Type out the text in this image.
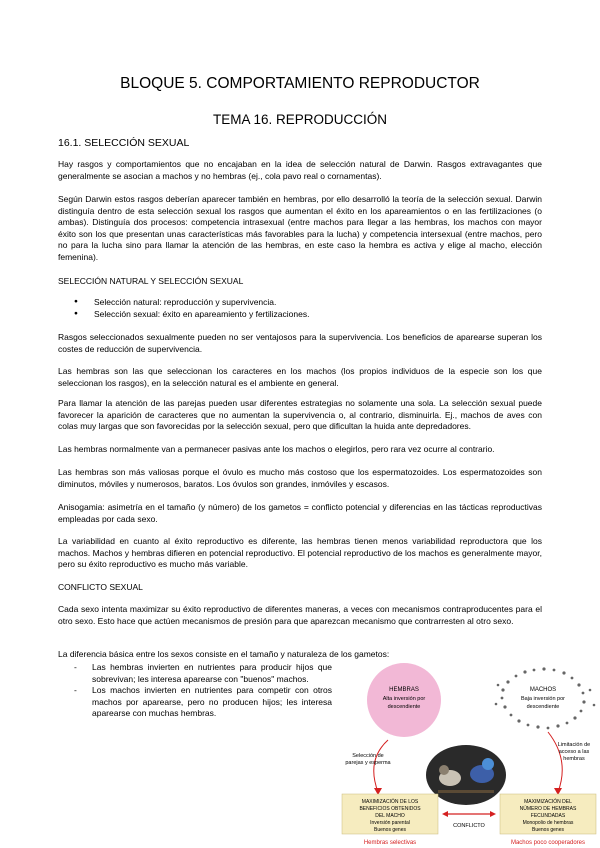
BLOQUE 5. COMPORTAMIENTO REPRODUCTOR
TEMA 16. REPRODUCCIÓN
16.1. SELECCIÓN SEXUAL
Hay rasgos y comportamientos que no encajaban en la idea de selección natural de Darwin. Rasgos extravagantes que generalmente se asocian a machos y no hembras (ej., cola pavo real o cornamentas).
Según Darwin estos rasgos deberían aparecer también en hembras, por ello desarrolló la teoría de la selección sexual. Darwin distinguía dentro de esta selección sexual los rasgos que aumentan el éxito en los apareamientos o en las fertilizaciones (o ambas). Distinguía dos procesos: competencia intrasexual (entre machos para llegar a las hembras, los machos con mayor éxito son los que presentan unas características más favorables para la lucha) y competencia intersexual (entre machos, pero no para la lucha sino para llamar la atención de las hembras, en este caso la hembra es activa y elige al macho, elección femenina).
SELECCIÓN NATURAL Y SELECCIÓN SEXUAL
● Selección natural: reproducción y supervivencia.
● Selección sexual: éxito en apareamiento y fertilizaciones.
Rasgos seleccionados sexualmente pueden no ser ventajosos para la supervivencia. Los beneficios de aparearse superan los costes de reducción de supervivencia.
Las hembras son las que seleccionan los caracteres en los machos (los propios individuos de la especie son los que seleccionan los rasgos), en la selección natural es el ambiente en general.
Para llamar la atención de las parejas pueden usar diferentes estrategias no solamente una sola. La selección sexual puede favorecer la aparición de caracteres que no aumentan la supervivencia o, al contrario, disminuirla. Ej., machos de aves con colas muy largas que son favorecidas por la selección sexual, pero que dificultan la huida ante depredadores.
Las hembras normalmente van a permanecer pasivas ante los machos o elegirlos, pero rara vez ocurre al contrario.
Las hembras son más valiosas porque el óvulo es mucho más costoso que los espermatozoides. Los espermatozoides son diminutos, móviles y numerosos, baratos. Los óvulos son grandes, inmóviles y escasos.
Anisogamia: asimetría en el tamaño (y número) de los gametos = conflicto potencial y diferencias en las tácticas reproductivas empleadas por cada sexo.
La variabilidad en cuanto al éxito reproductivo es diferente, las hembras tienen menos variabilidad reproductora que los machos. Machos y hembras difieren en potencial reproductivo. El potencial reproductivo de los machos es generalmente mayor, pero su éxito reproductivo es mucho más variable.
CONFLICTO SEXUAL
Cada sexo intenta maximizar su éxito reproductivo de diferentes maneras, a veces con mecanismos contraproducentes para el otro sexo. Esto hace que actúen mecanismos de presión para que aparezcan mecanismo que contrarresten al otro sexo.
La diferencia básica entre los sexos consiste en el tamaño y naturaleza de los gametos:
- Las hembras invierten en nutrientes para producir hijos que sobrevivan; les interesa aparearse con "buenos" machos.
- Los machos invierten en nutrientes para competir con otros machos por aparearse, pero no producen hijos; les interesa aparearse con muchas hembras.
HEMBRAS
Alta inversión por
descendiente
MACHOS
Baja inversión por
descendiente
Selección de
parejas y esperma
Limitación de
acceso a las
hembras
MAXIMIZACIÓN DE LOS
BENEFICIOS OBTENIDOS
DEL MACHO
Inversión parental
Buenos genes
MAXIMIZACIÓN DEL
NÚMERO DE HEMBRAS
FECUNDADAS
Monopolio de hembras
Buenos genes
CONFLICTO
Hembras selectivas	Machos poco cooperadores
